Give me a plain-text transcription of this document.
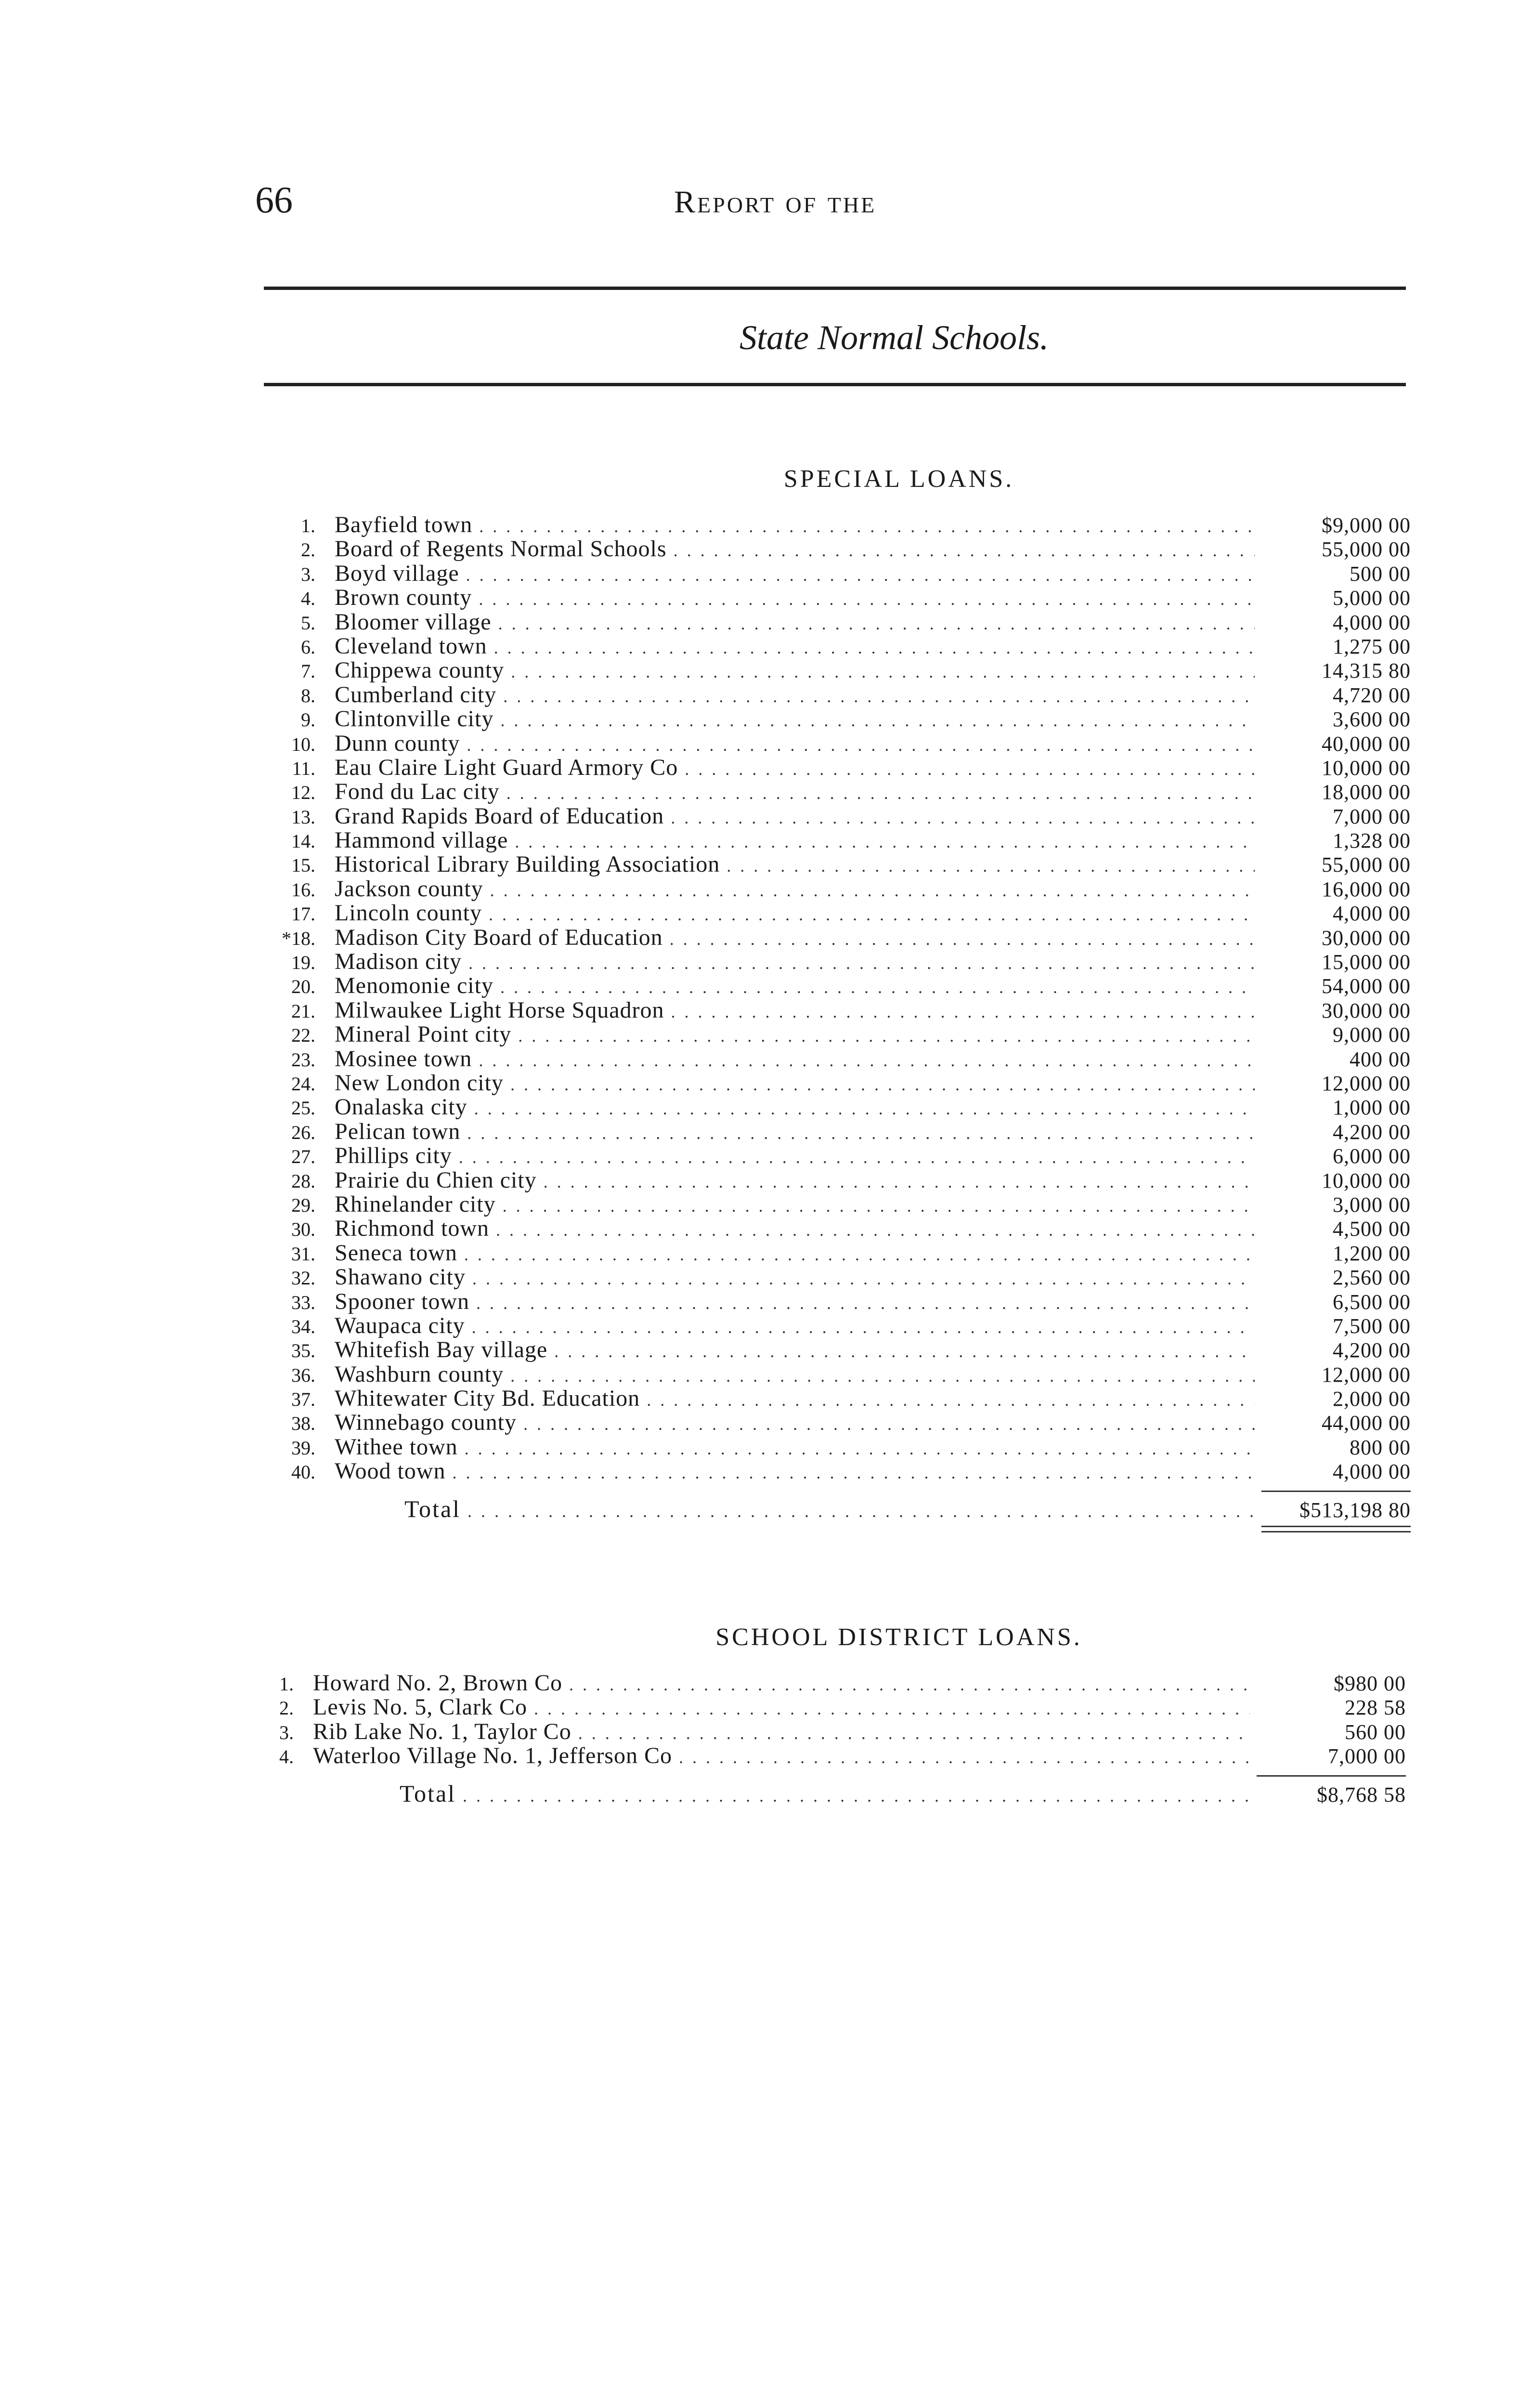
66	Report of the
State Normal Schools.
SPECIAL LOANS.
1. Bayfield town . . .	$9,000 00
2. Board of Regents Normal Schools . . .	55,000 00
3. Boyd village . . .	500 00
4. Brown county . . .	5,000 00
5. Bloomer village . . .	4,000 00
6. Cleveland town . . .	1,275 00
7. Chippewa county . . .	14,315 80
8. Cumberland city . . .	4,720 00
9. Clintonville city . . .	3,600 00
10. Dunn county . . .	40,000 00
11. Eau Claire Light Guard Armory Co . . .	10,000 00
12. Fond du Lac city . . .	18,000 00
13. Grand Rapids Board of Education . . .	7,000 00
14. Hammond village . . .	1,328 00
15. Historical Library Building Association . . .	55,000 00
16. Jackson county . . .	16,000 00
17. Lincoln county . . .	4,000 00
*18. Madison City Board of Education . . .	30,000 00
19. Madison city . . .	15,000 00
20. Menomonie city . . .	54,000 00
21. Milwaukee Light Horse Squadron . . .	30,000 00
22. Mineral Point city . . .	9,000 00
23. Mosinee town . . .	400 00
24. New London city . . .	12,000 00
25. Onalaska city . . .	1,000 00
26. Pelican town . . .	4,200 00
27. Phillips city . . .	6,000 00
28. Prairie du Chien city . . .	10,000 00
29. Rhinelander city . . .	3,000 00
30. Richmond town . . .	4,500 00
31. Seneca town . . .	1,200 00
32. Shawano city . . .	2,560 00
33. Spooner town . . .	6,500 00
34. Waupaca city . . .	7,500 00
35. Whitefish Bay village . . .	4,200 00
36. Washburn county . . .	12,000 00
37. Whitewater City Bd. Education . . .	2,000 00
38. Winnebago county . . .	44,000 00
39. Withee town . . .	800 00
40. Wood town . . .	4,000 00
Total . . .	$513,198 80
SCHOOL DISTRICT LOANS.
1. Howard No. 2, Brown Co . . .	$980 00
2. Levis No. 5, Clark Co . . .	228 58
3. Rib Lake No. 1, Taylor Co . . .	560 00
4. Waterloo Village No. 1, Jefferson Co . . .	7,000 00
Total . . .	$8,768 58
